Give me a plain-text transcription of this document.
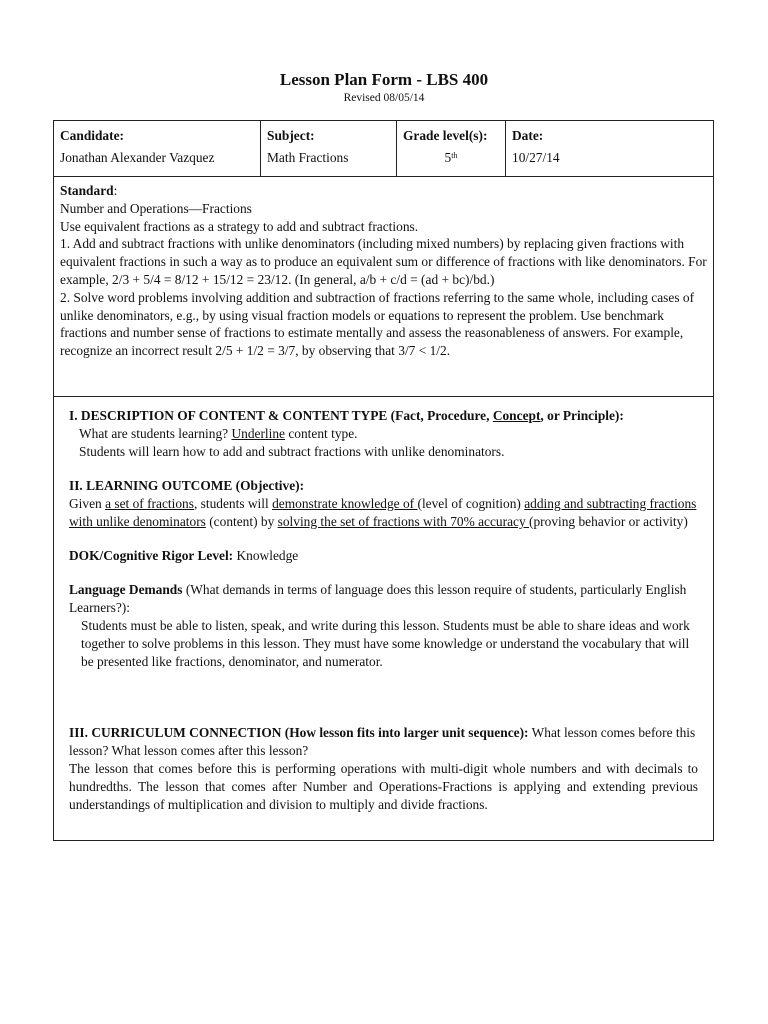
Lesson Plan Form - LBS 400
Revised 08/05/14
Candidate:
Jonathan Alexander Vazquez
Subject:
Math Fractions
Grade level(s):
5th
Date:
10/27/14

Standard:

Number and Operations—Fractions

Use equivalent fractions as a strategy to add and subtract fractions.

1. Add and subtract fractions with unlike denominators (including mixed numbers) by replacing given fractions with equivalent fractions in such a way as to produce an equivalent sum or difference of fractions with like denominators. For example, 2/3 + 5/4 = 8/12 + 15/12 = 23/12. (In general, a/b + c/d = (ad + bc)/bd.)

2. Solve word problems involving addition and subtraction of fractions referring to the same whole, including cases of unlike denominators, e.g., by using visual fraction models or equations to represent the problem. Use benchmark fractions and number sense of fractions to estimate mentally and assess the reasonableness of answers. For example, recognize an incorrect result 2/5 + 1/2 = 3/7, by observing that 3/7 < 1/2.

I. DESCRIPTION OF CONTENT & CONTENT TYPE (Fact, Procedure, Concept, or Principle):

What are students learning? Underline content type.

Students will learn how to add and subtract fractions with unlike denominators.

II. LEARNING OUTCOME (Objective):

Given a set of fractions, students will demonstrate knowledge of (level of cognition) adding and subtracting fractions with unlike denominators (content) by solving the set of fractions with 70% accuracy (proving behavior or activity)

DOK/Cognitive Rigor Level: Knowledge

Language Demands (What demands in terms of language does this lesson require of students, particularly English Learners?):

Students must be able to listen, speak, and write during this lesson. Students must be able to share ideas and work together to solve problems in this lesson. They must have some knowledge or understand the vocabulary that will be presented like fractions, denominator, and numerator.

III. CURRICULUM CONNECTION (How lesson fits into larger unit sequence): What lesson comes before this lesson? What lesson comes after this lesson?

The lesson that comes before this is performing operations with multi-digit whole numbers and with decimals to hundredths. The lesson that comes after Number and Operations-Fractions is applying and extending previous understandings of multiplication and division to multiply and divide fractions.
